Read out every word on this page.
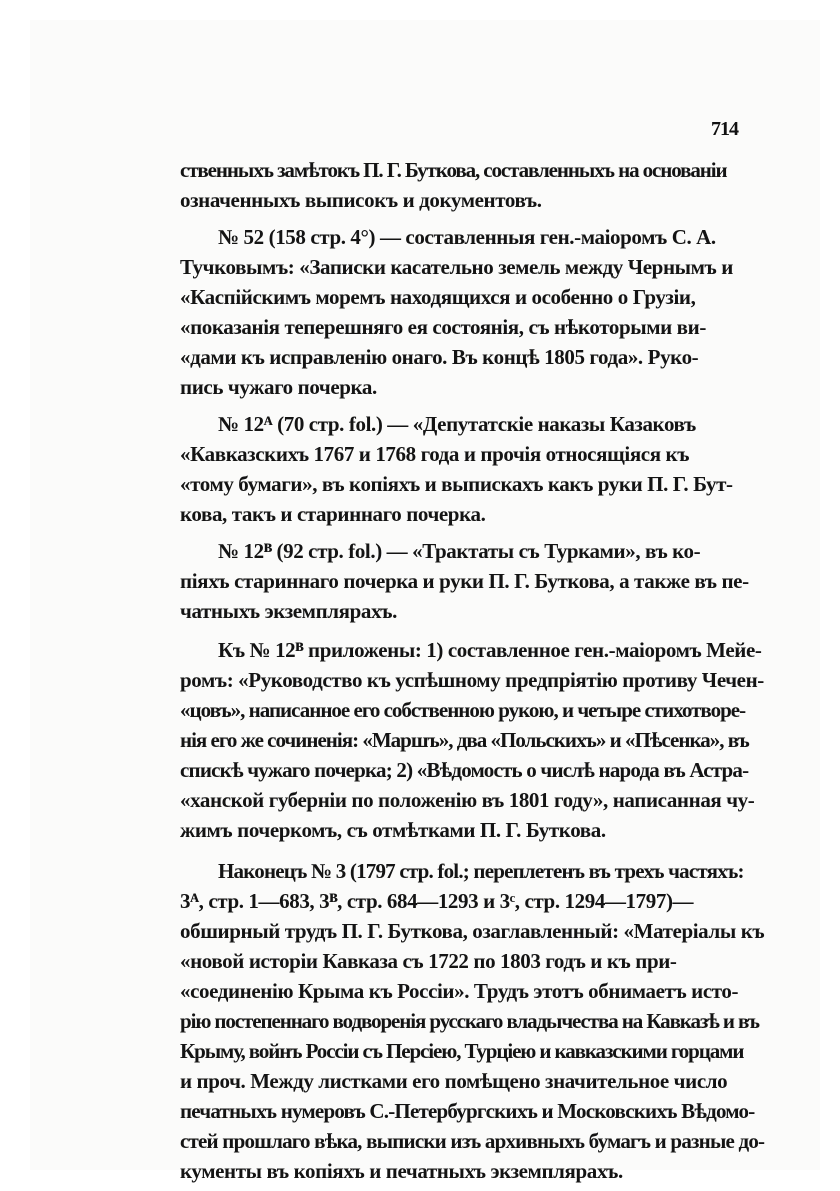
714
ственныхъ замѣтокъ П. Г. Буткова, составленныхъ на основаніи
означенныхъ выписокъ и документовъ.
№ 52 (158 стр. 4°) — составленныя ген.-маіоромъ С. А.
Тучковымъ: «Записки касательно земель между Чернымъ и
«Каспійскимъ моремъ находящихся и особенно о Грузіи,
«показанія теперешняго ея состоянія, съ нѣкоторыми ви-
«дами къ исправленію онаго. Въ концѣ 1805 года». Руко-
пись чужаго почерка.
№ 12ᴬ (70 стр. fol.) — «Депутатскіе наказы Казаковъ
«Кавказскихъ 1767 и 1768 года и прочія относящіяся къ
«тому бумаги», въ копіяхъ и выпискахъ какъ руки П. Г. Бут-
кова, такъ и стариннаго почерка.
№ 12ᴮ (92 стр. fol.) — «Трактаты съ Турками», въ ко-
піяхъ стариннаго почерка и руки П. Г. Буткова, а также въ пе-
чатныхъ экземплярахъ.
Къ № 12ᴮ приложены: 1) составленное ген.-маіоромъ Мейе-
ромъ: «Руководство къ успѣшному предпріятію противу Чечен-
«цовъ», написанное его собственною рукою, и четыре стихотворе-
нія его же сочиненія: «Маршъ», два «Польскихъ» и «Пѣсенка», въ
спискѣ чужаго почерка; 2) «Вѣдомость о числѣ народа въ Астра-
«ханской губерніи по положенію въ 1801 году», написанная чу-
жимъ почеркомъ, съ отмѣтками П. Г. Буткова.
Наконецъ № 3 (1797 стр. fol.; переплетенъ въ трехъ частяхъ:
3ᴬ, стр. 1—683, 3ᴮ, стр. 684—1293 и 3ᶜ, стр. 1294—1797)—
обширный трудъ П. Г. Буткова, озаглавленный: «Матеріалы къ
«новой исторіи Кавказа съ 1722 по 1803 годъ и къ при-
«соединенію Крыма къ Россіи». Трудъ этотъ обнимаетъ исто-
рію постепеннаго водворенія русскаго владычества на Кавказѣ и въ
Крыму, войнъ Россіи съ Персіею, Турціею и кавказскими горцами
и проч. Между листками его помѣщено значительное число
печатныхъ нумеровъ С.-Петербургскихъ и Московскихъ Вѣдомо-
стей прошлаго вѣка, выписки изъ архивныхъ бумагъ и разные до-
кументы въ копіяхъ и печатныхъ экземплярахъ.
